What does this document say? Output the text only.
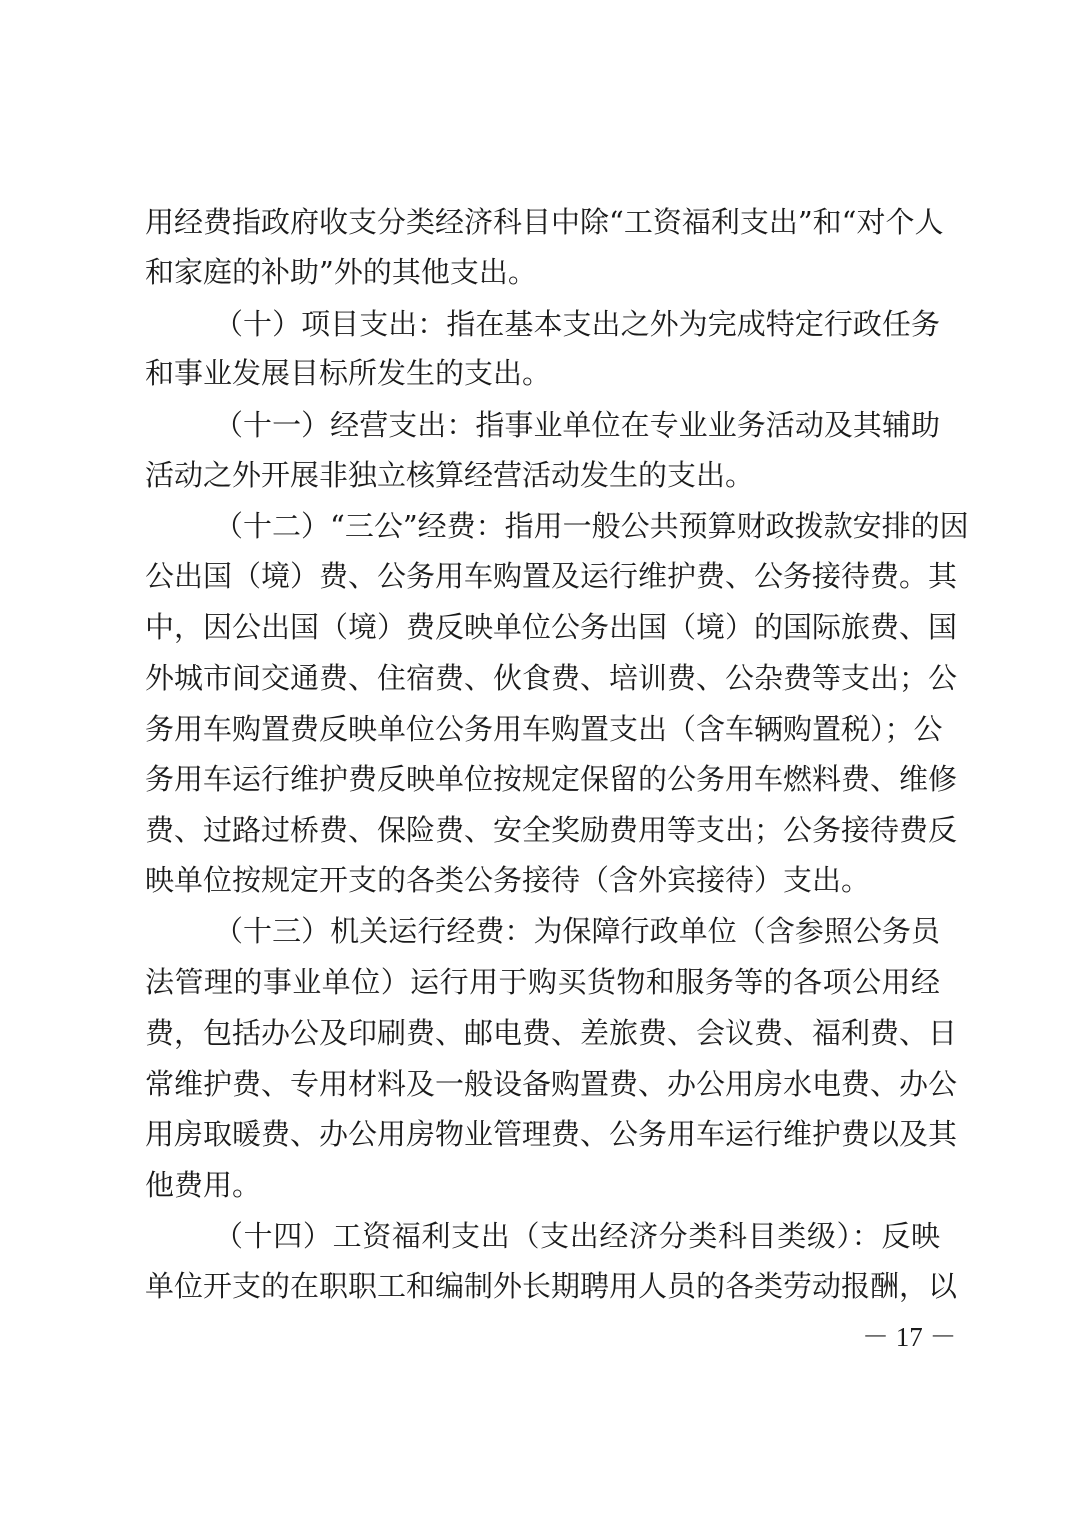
用经费指政府收支分类经济科目中除“工资福利支出”和“对个人
和家庭的补助”外的其他支出。
（十）项目支出：指在基本支出之外为完成特定行政任务
和事业发展目标所发生的支出。
（十一）经营支出：指事业单位在专业业务活动及其辅助
活动之外开展非独立核算经营活动发生的支出。
（十二）“三公”经费：指用一般公共预算财政拨款安排的因
公出国（境）费、公务用车购置及运行维护费、公务接待费。其
中，因公出国（境）费反映单位公务出国（境）的国际旅费、国
外城市间交通费、住宿费、伙食费、培训费、公杂费等支出；公
务用车购置费反映单位公务用车购置支出（含车辆购置税）；公
务用车运行维护费反映单位按规定保留的公务用车燃料费、维修
费、过路过桥费、保险费、安全奖励费用等支出；公务接待费反
映单位按规定开支的各类公务接待（含外宾接待）支出。
（十三）机关运行经费：为保障行政单位（含参照公务员
法管理的事业单位）运行用于购买货物和服务等的各项公用经
费，包括办公及印刷费、邮电费、差旅费、会议费、福利费、日
常维护费、专用材料及一般设备购置费、办公用房水电费、办公
用房取暖费、办公用房物业管理费、公务用车运行维护费以及其
他费用。
（十四）工资福利支出（支出经济分类科目类级）：反映
单位开支的在职职工和编制外长期聘用人员的各类劳动报酬，以
－ 17 －
